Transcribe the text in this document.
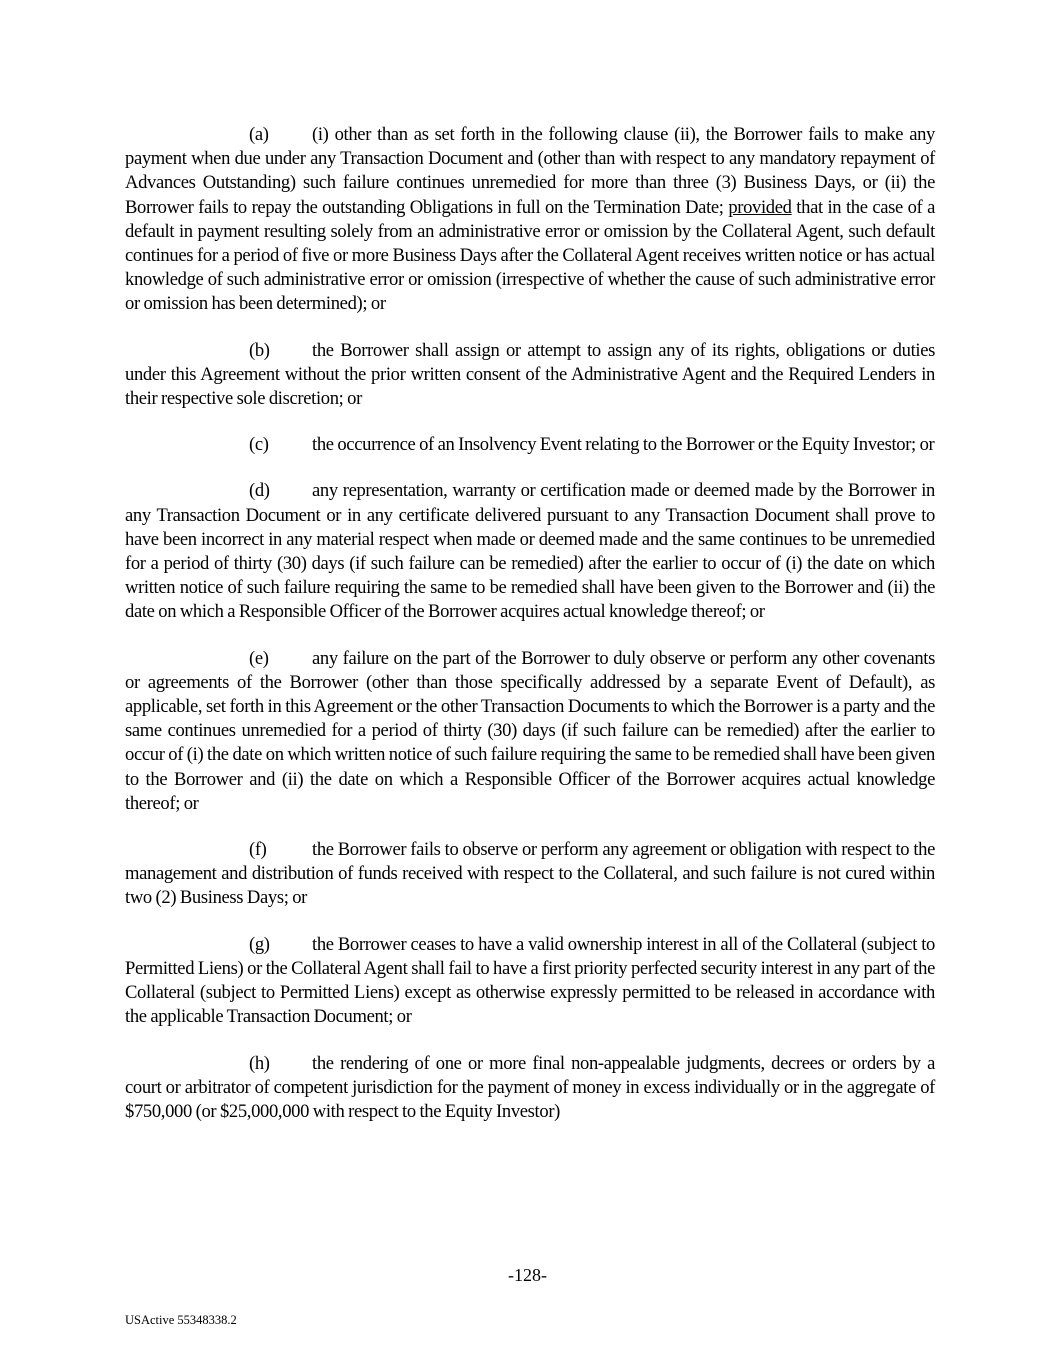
(a) (i) other than as set forth in the following clause (ii), the Borrower fails to make any payment when due under any Transaction Document and (other than with respect to any mandatory repayment of Advances Outstanding) such failure continues unremedied for more than three (3) Business Days, or (ii) the Borrower fails to repay the outstanding Obligations in full on the Termination Date; provided that in the case of a default in payment resulting solely from an administrative error or omission by the Collateral Agent, such default continues for a period of five or more Business Days after the Collateral Agent receives written notice or has actual knowledge of such administrative error or omission (irrespective of whether the cause of such administrative error or omission has been determined); or

(b) the Borrower shall assign or attempt to assign any of its rights, obligations or duties under this Agreement without the prior written consent of the Administrative Agent and the Required Lenders in their respective sole discretion; or

(c) the occurrence of an Insolvency Event relating to the Borrower or the Equity Investor; or

(d) any representation, warranty or certification made or deemed made by the Borrower in any Transaction Document or in any certificate delivered pursuant to any Transaction Document shall prove to have been incorrect in any material respect when made or deemed made and the same continues to be unremedied for a period of thirty (30) days (if such failure can be remedied) after the earlier to occur of (i) the date on which written notice of such failure requiring the same to be remedied shall have been given to the Borrower and (ii) the date on which a Responsible Officer of the Borrower acquires actual knowledge thereof; or

(e) any failure on the part of the Borrower to duly observe or perform any other covenants or agreements of the Borrower (other than those specifically addressed by a separate Event of Default), as applicable, set forth in this Agreement or the other Transaction Documents to which the Borrower is a party and the same continues unremedied for a period of thirty (30) days (if such failure can be remedied) after the earlier to occur of (i) the date on which written notice of such failure requiring the same to be remedied shall have been given to the Borrower and (ii) the date on which a Responsible Officer of the Borrower acquires actual knowledge thereof; or

(f) the Borrower fails to observe or perform any agreement or obligation with respect to the management and distribution of funds received with respect to the Collateral, and such failure is not cured within two (2) Business Days; or

(g) the Borrower ceases to have a valid ownership interest in all of the Collateral (subject to Permitted Liens) or the Collateral Agent shall fail to have a first priority perfected security interest in any part of the Collateral (subject to Permitted Liens) except as otherwise expressly permitted to be released in accordance with the applicable Transaction Document; or

(h) the rendering of one or more final non-appealable judgments, decrees or orders by a court or arbitrator of competent jurisdiction for the payment of money in excess individually or in the aggregate of $750,000 (or $25,000,000 with respect to the Equity Investor)

-128-
USActive 55348338.2
